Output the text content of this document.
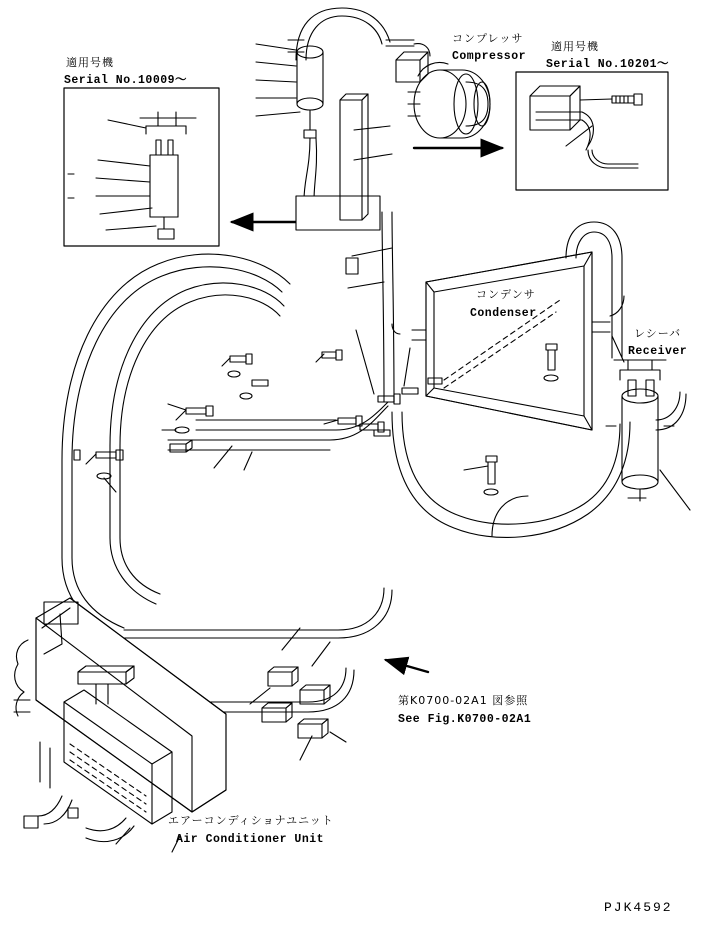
適用号機
Serial No.10009〜
適用号機
Serial No.10201〜
コンプレッサ
Compressor
コンデンサ
Condenser
レシーバ
Receiver
第K0700-02A1 図参照
See Fig.K0700-02A1
エアーコンディショナユニット
Air Conditioner Unit
PJK4592
